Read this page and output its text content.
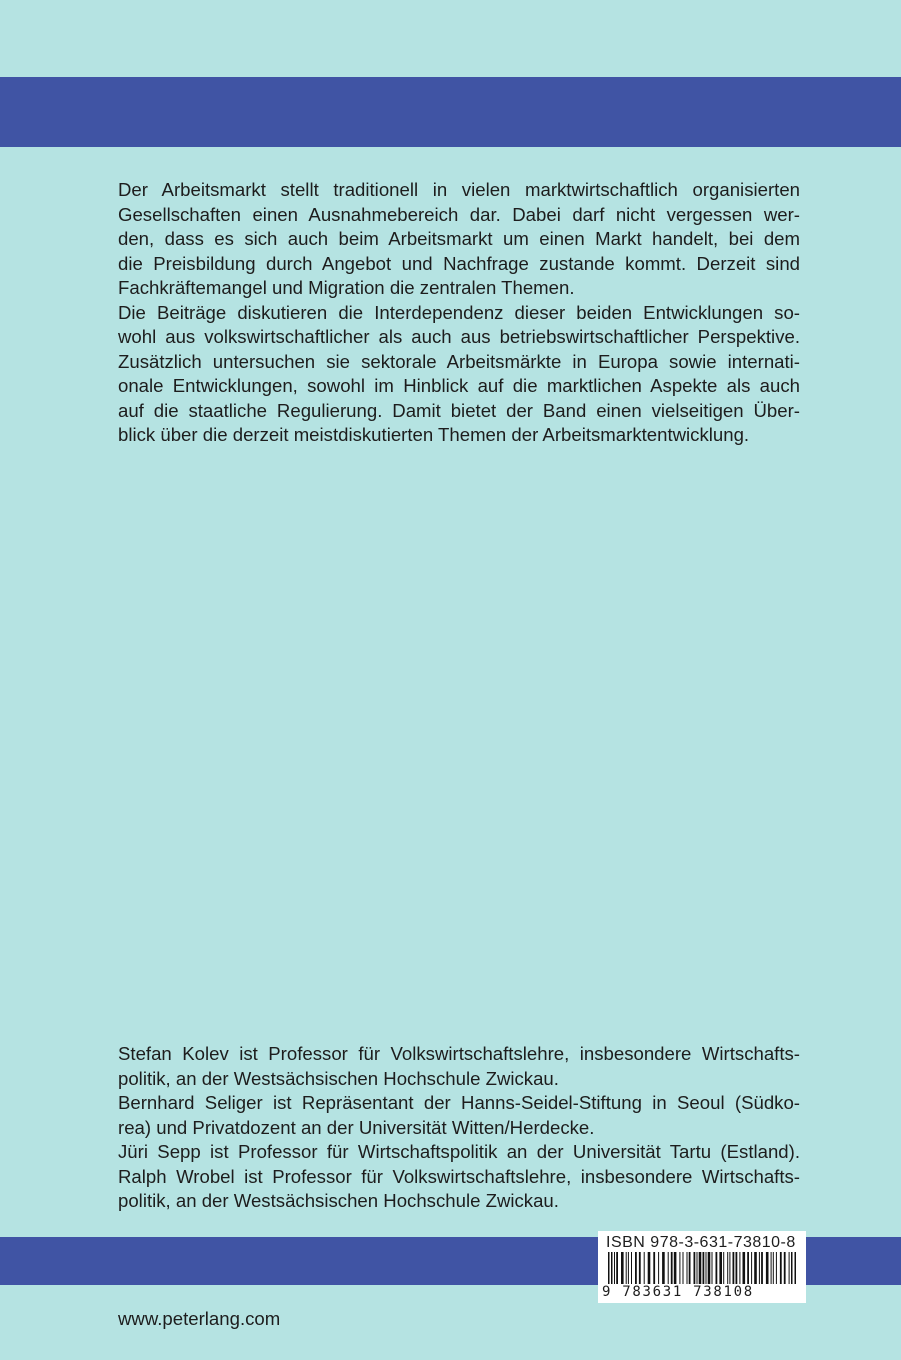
Der Arbeitsmarkt stellt traditionell in vielen marktwirtschaftlich organisierten
Gesellschaften einen Ausnahmebereich dar. Dabei darf nicht vergessen wer-
den, dass es sich auch beim Arbeitsmarkt um einen Markt handelt, bei dem
die Preisbildung durch Angebot und Nachfrage zustande kommt. Derzeit sind
Fachkräftemangel und Migration die zentralen Themen.
Die Beiträge diskutieren die Interdependenz dieser beiden Entwicklungen so-
wohl aus volkswirtschaftlicher als auch aus betriebswirtschaftlicher Perspektive.
Zusätzlich untersuchen sie sektorale Arbeitsmärkte in Europa sowie internati-
onale Entwicklungen, sowohl im Hinblick auf die marktlichen Aspekte als auch
auf die staatliche Regulierung. Damit bietet der Band einen vielseitigen Über-
blick über die derzeit meistdiskutierten Themen der Arbeitsmarktentwicklung.
Stefan Kolev ist Professor für Volkswirtschaftslehre, insbesondere Wirtschafts-
politik, an der Westsächsischen Hochschule Zwickau.
Bernhard Seliger ist Repräsentant der Hanns-Seidel-Stiftung in Seoul (Südko-
rea) und Privatdozent an der Universität Witten/Herdecke.
Jüri Sepp ist Professor für Wirtschaftspolitik an der Universität Tartu (Estland).
Ralph Wrobel ist Professor für Volkswirtschaftslehre, insbesondere Wirtschafts-
politik, an der Westsächsischen Hochschule Zwickau.
ISBN 978-3-631-73810-8
9 783631 738108
www.peterlang.com
